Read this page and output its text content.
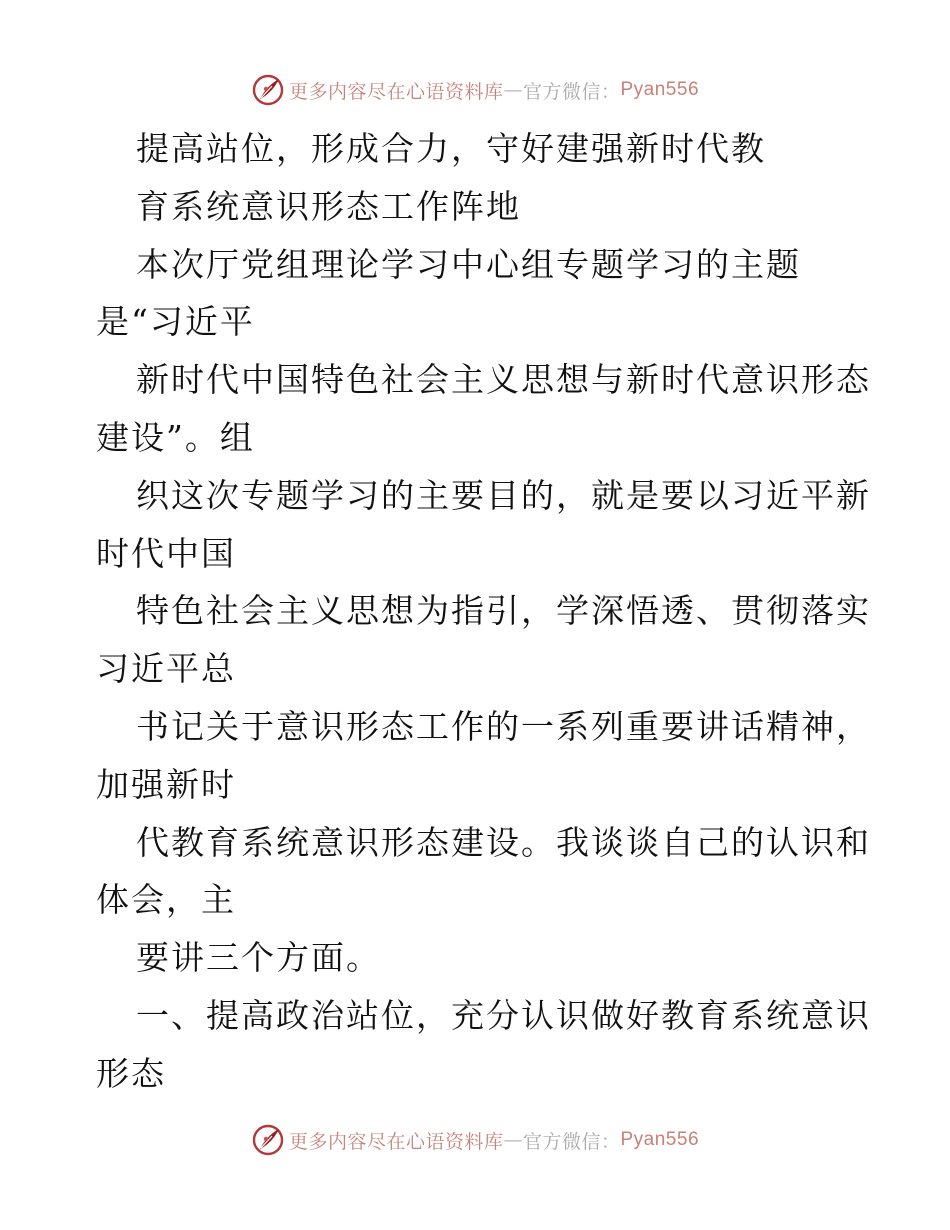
更多内容尽在心语资料库 — 官方微信： Pyan556
提高站位，形成合力，守好建强新时代教
育系统意识形态工作阵地
本次厅党组理论学习中心组专题学习的主题
是“习近平
新时代中国特色社会主义思想与新时代意识形态
建设”。组
织这次专题学习的主要目的，就是要以习近平新
时代中国
特色社会主义思想为指引，学深悟透、贯彻落实
习近平总
书记关于意识形态工作的一系列重要讲话精神，
加强新时
代教育系统意识形态建设。我谈谈自己的认识和
体会，主
要讲三个方面。
一、提高政治站位，充分认识做好教育系统意识
形态
更多内容尽在心语资料库 — 官方微信： Pyan556
